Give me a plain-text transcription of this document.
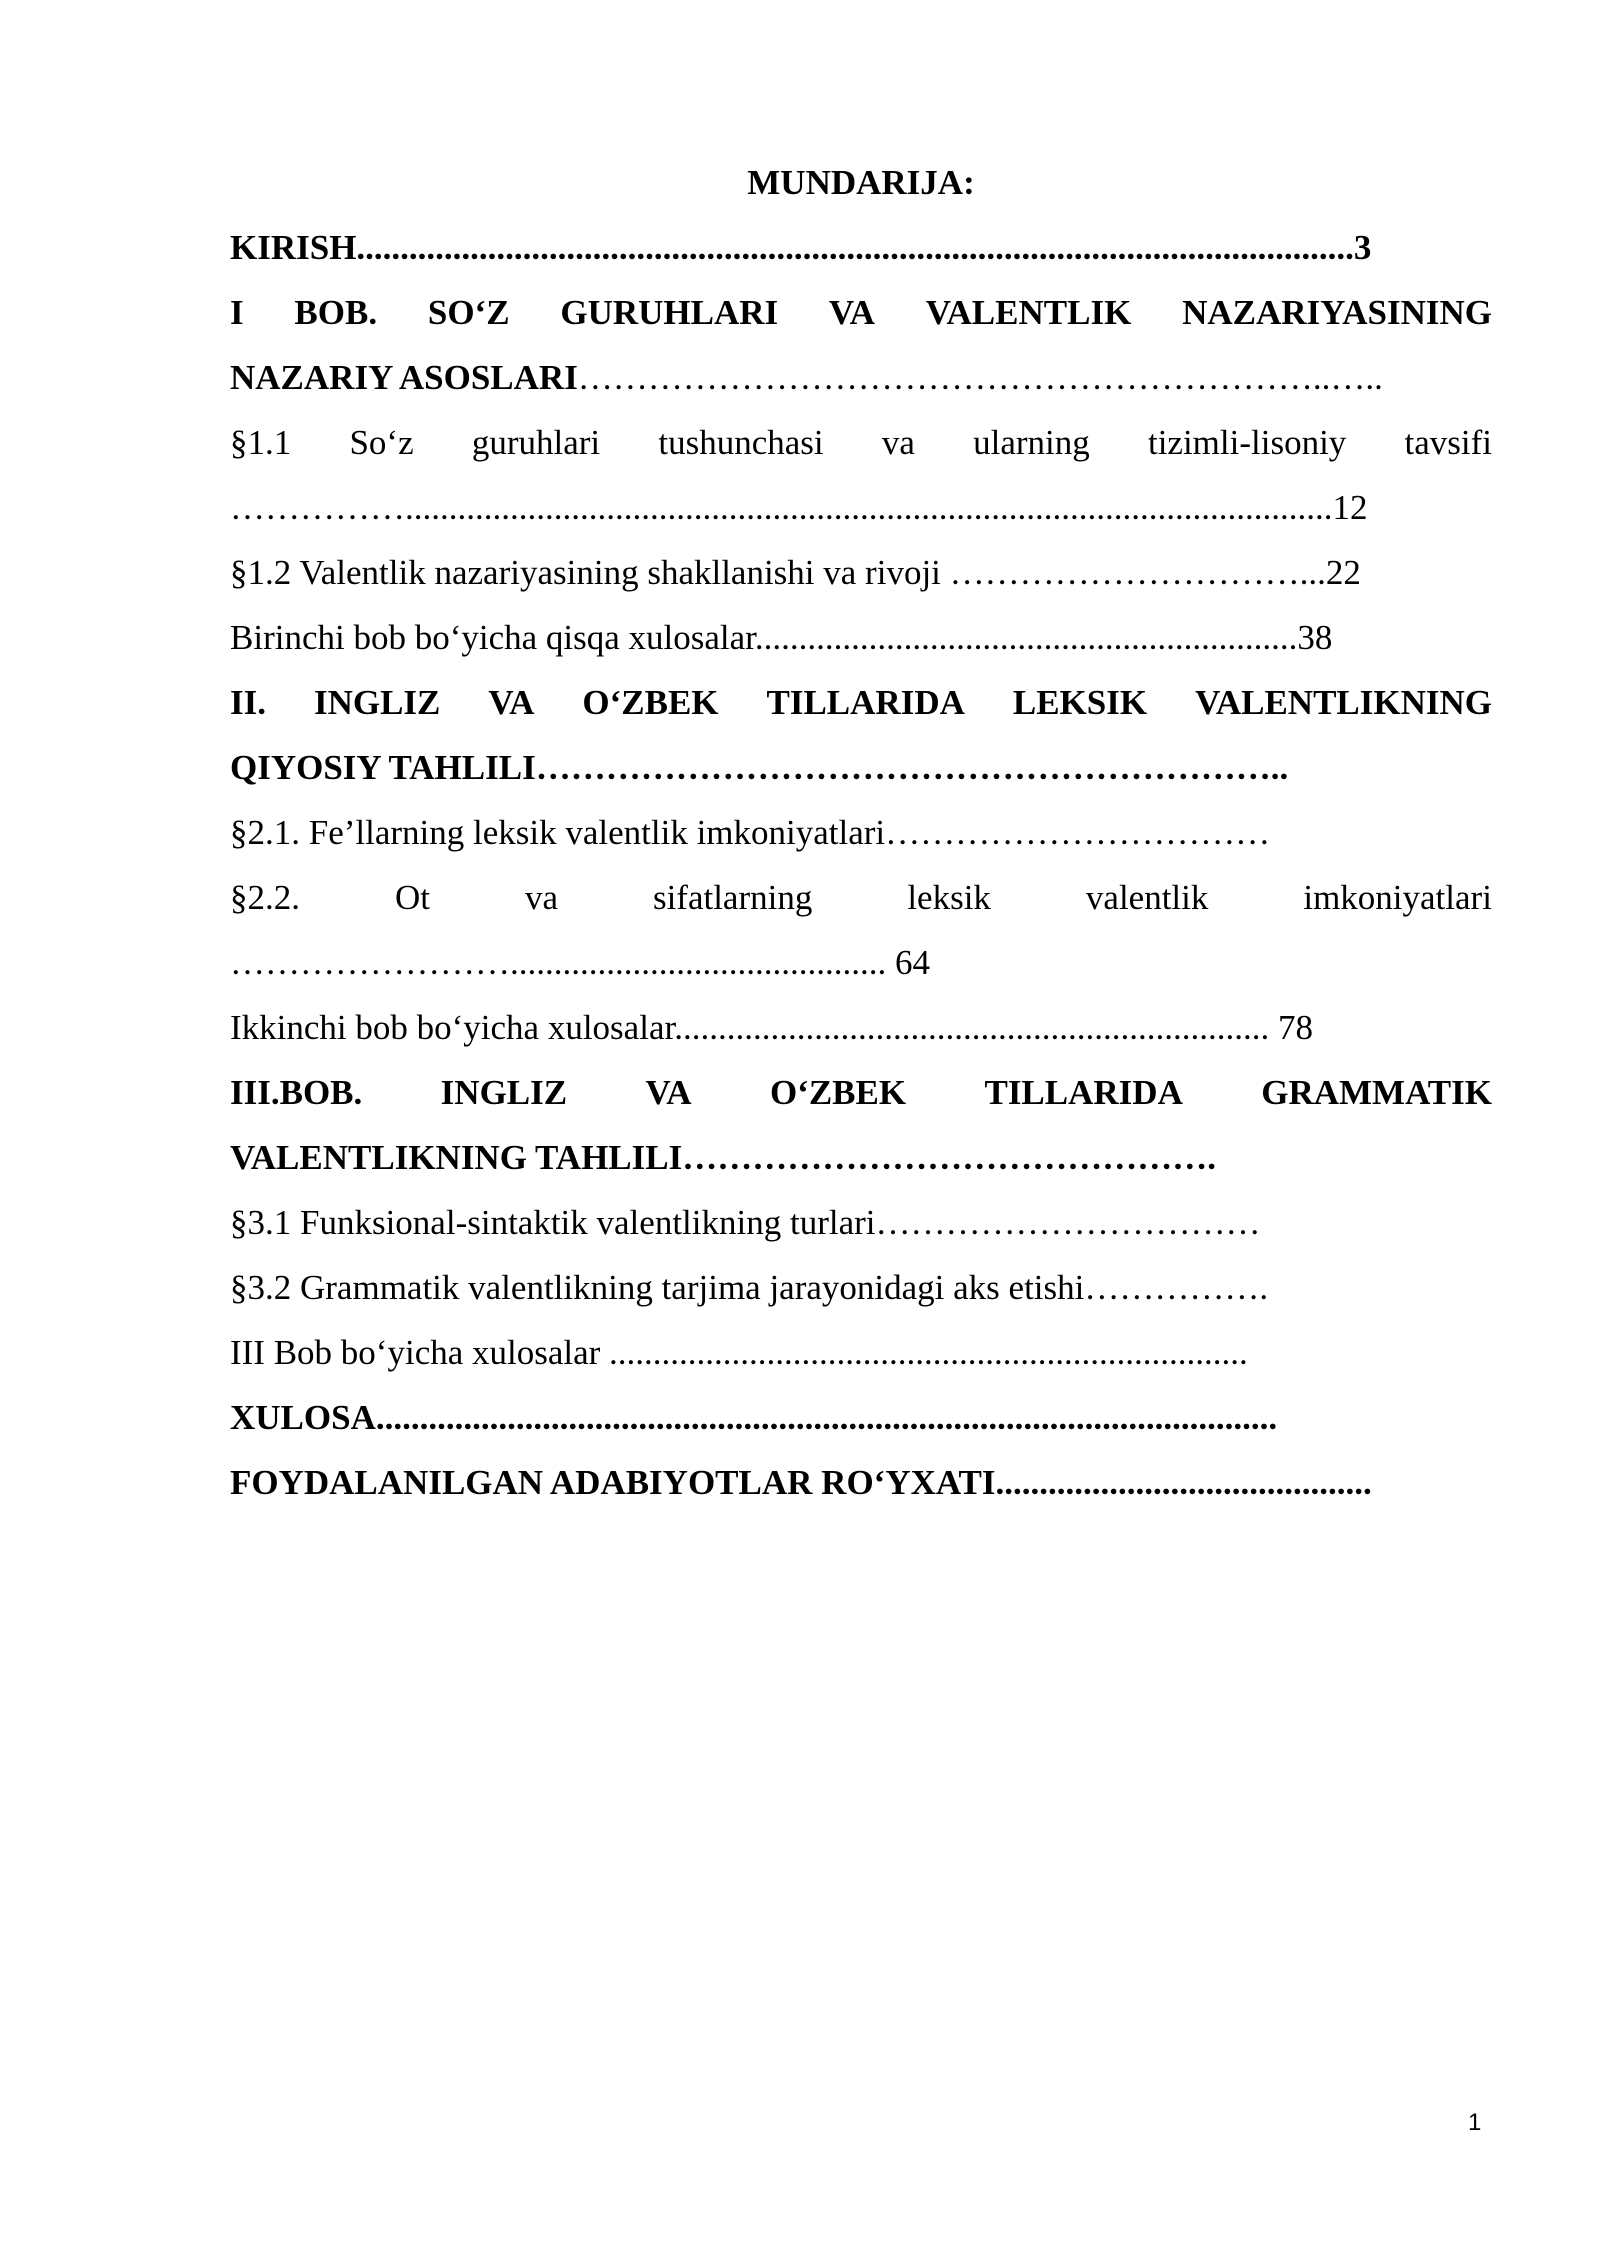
MUNDARIJA:
KIRISH..................................................................................................................3
I BOB. SO‘Z GURUHLARI VA VALENTLIK NAZARIYASINING
NAZARIY ASOSLARI………………………………………………………..…..
§1.1 So‘z guruhlari tushunchasi va ularning tizimli-lisoniy tavsifi
……………..........................................................................................................12
§1.2 Valentlik nazariyasining shakllanishi va rivoji …………………………...22
Birinchi bob bo‘yicha qisqa xulosalar..............................................................38
II. INGLIZ VA O‘ZBEK TILLARIDA LEKSIK VALENTLIKNING
QIYOSIY TAHLILI………………………………………………………..
§2.1. Fe’llarning leksik valentlik imkoniyatlari……………………………
§2.2.	Ot	va	sifatlarning	leksik	valentlik	imkoniyatlari
……………………........................................... 64
Ikkinchi bob bo‘yicha xulosalar.................................................................... 78
III.BOB. INGLIZ VA O‘ZBEK TILLARIDA GRAMMATIK
VALENTLIKNING TAHLILI……………………………………….
§3.1 Funksional-sintaktik valentlikning turlari……………………………
§3.2 Grammatik valentlikning tarjima jarayonidagi aks etishi…………….
III Bob bo‘yicha xulosalar .........................................................................
XULOSA.......................................................................................................
FOYDALANILGAN ADABIYOTLAR RO‘YXATI...........................................
1
